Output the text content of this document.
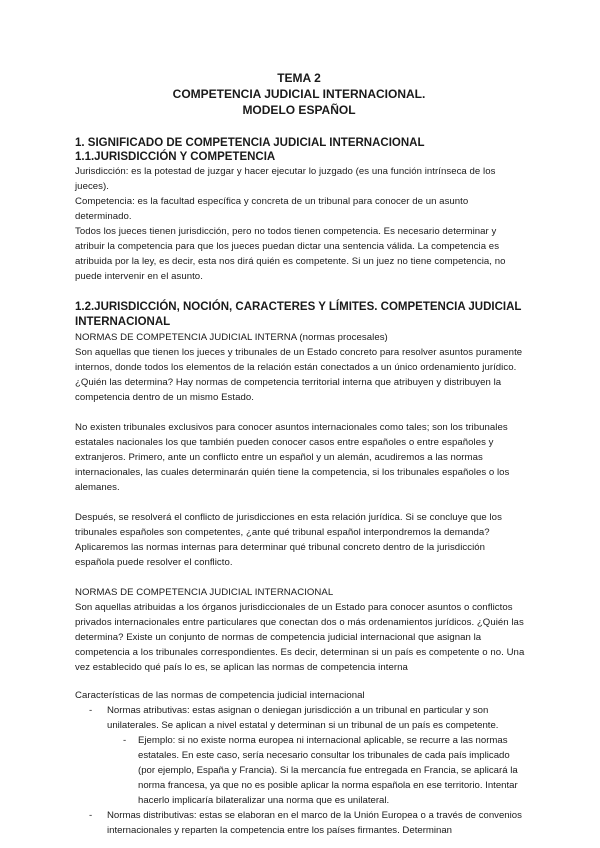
TEMA 2
COMPETENCIA JUDICIAL INTERNACIONAL.
MODELO ESPAÑOL
1. SIGNIFICADO DE COMPETENCIA JUDICIAL INTERNACIONAL
1.1.JURISDICCIÓN Y COMPETENCIA

Jurisdicción: es la potestad de juzgar y hacer ejecutar lo juzgado (es una función intrínseca de los jueces).

Competencia: es la facultad específica y concreta de un tribunal para conocer de un asunto determinado.

Todos los jueces tienen jurisdicción, pero no todos tienen competencia. Es necesario determinar y atribuir la competencia para que los jueces puedan dictar una sentencia válida. La competencia es atribuida por la ley, es decir, esta nos dirá quién es competente. Si un juez no tiene competencia, no puede intervenir en el asunto.

1.2.JURISDICCIÓN, NOCIÓN, CARACTERES Y LÍMITES. COMPETENCIA JUDICIAL INTERNACIONAL

NORMAS DE COMPETENCIA JUDICIAL INTERNA (normas procesales)

Son aquellas que tienen los jueces y tribunales de un Estado concreto para resolver asuntos puramente internos, donde todos los elementos de la relación están conectados a un único ordenamiento jurídico. ¿Quién las determina? Hay normas de competencia territorial interna que atribuyen y distribuyen la competencia dentro de un mismo Estado.

No existen tribunales exclusivos para conocer asuntos internacionales como tales; son los tribunales estatales nacionales los que también pueden conocer casos entre españoles o entre españoles y extranjeros. Primero, ante un conflicto entre un español y un alemán, acudiremos a las normas internacionales, las cuales determinarán quién tiene la competencia, si los tribunales españoles o los alemanes.

Después, se resolverá el conflicto de jurisdicciones en esta relación jurídica. Si se concluye que los tribunales españoles son competentes, ¿ante qué tribunal español interpondremos la demanda? Aplicaremos las normas internas para determinar qué tribunal concreto dentro de la jurisdicción española puede resolver el conflicto.

NORMAS DE COMPETENCIA JUDICIAL INTERNACIONAL

Son aquellas atribuidas a los órganos jurisdiccionales de un Estado para conocer asuntos o conflictos privados internacionales entre particulares que conectan dos o más ordenamientos jurídicos. ¿Quién las determina? Existe un conjunto de normas de competencia judicial internacional que asignan la competencia a los tribunales correspondientes. Es decir, determinan si un país es competente o no. Una vez establecido qué país lo es, se aplican las normas de competencia interna

Características de las normas de competencia judicial internacional

- Normas atributivas: estas asignan o deniegan jurisdicción a un tribunal en particular y son unilaterales. Se aplican a nivel estatal y determinan si un tribunal de un país es competente.
- Ejemplo: si no existe norma europea ni internacional aplicable, se recurre a las normas estatales. En este caso, sería necesario consultar los tribunales de cada país implicado (por ejemplo, España y Francia). Si la mercancía fue entregada en Francia, se aplicará la norma francesa, ya que no es posible aplicar la norma española en ese territorio. Intentar hacerlo implicaría bilateralizar una norma que es unilateral.
- Normas distributivas: estas se elaboran en el marco de la Unión Europea o a través de convenios internacionales y reparten la competencia entre los países firmantes. Determinan
